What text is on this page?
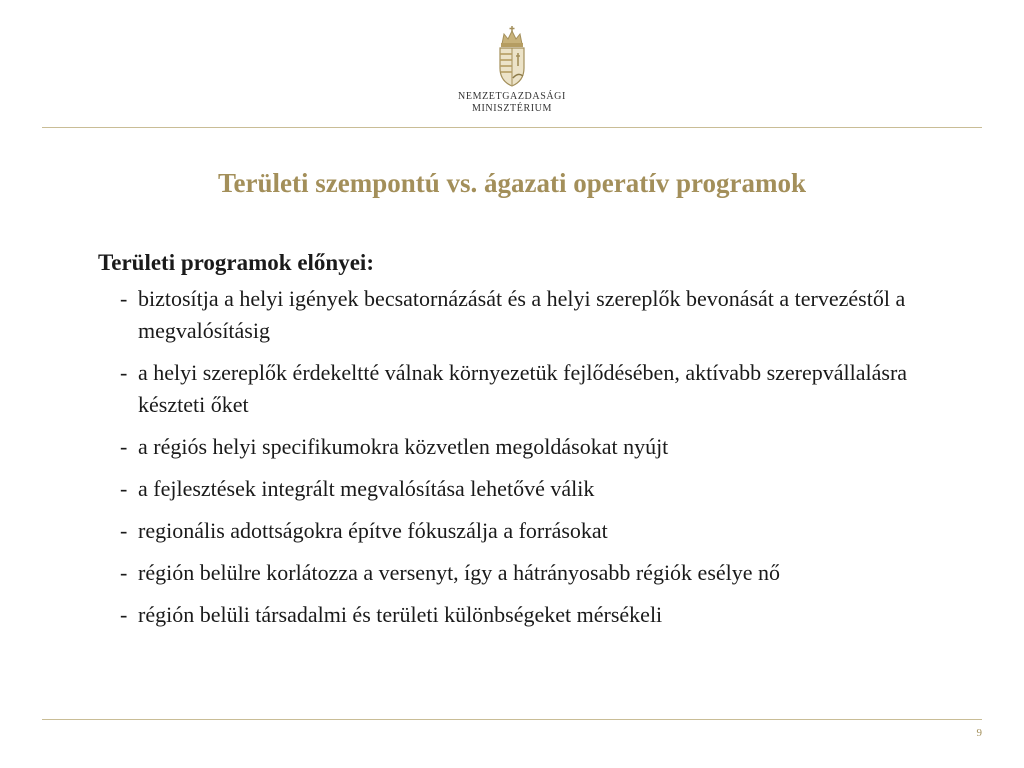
NEMZETGAZDASÁGI
MINISZTÉRIUM
Területi szempontú vs. ágazati operatív programok

Területi programok előnyei:

- biztosítja a helyi igények becsatornázását és a helyi szereplők bevonását a tervezéstől a megvalósításig
- a helyi szereplők érdekeltté válnak környezetük fejlődésében, aktívabb szerepvállalásra készteti őket
- a régiós helyi specifikumokra közvetlen megoldásokat nyújt
- a fejlesztések integrált megvalósítása lehetővé válik
- regionális adottságokra építve fókuszálja a forrásokat
- régión belülre korlátozza a versenyt, így a hátrányosabb régiók esélye nő
- régión belüli társadalmi és területi különbségeket mérsékeli
9
